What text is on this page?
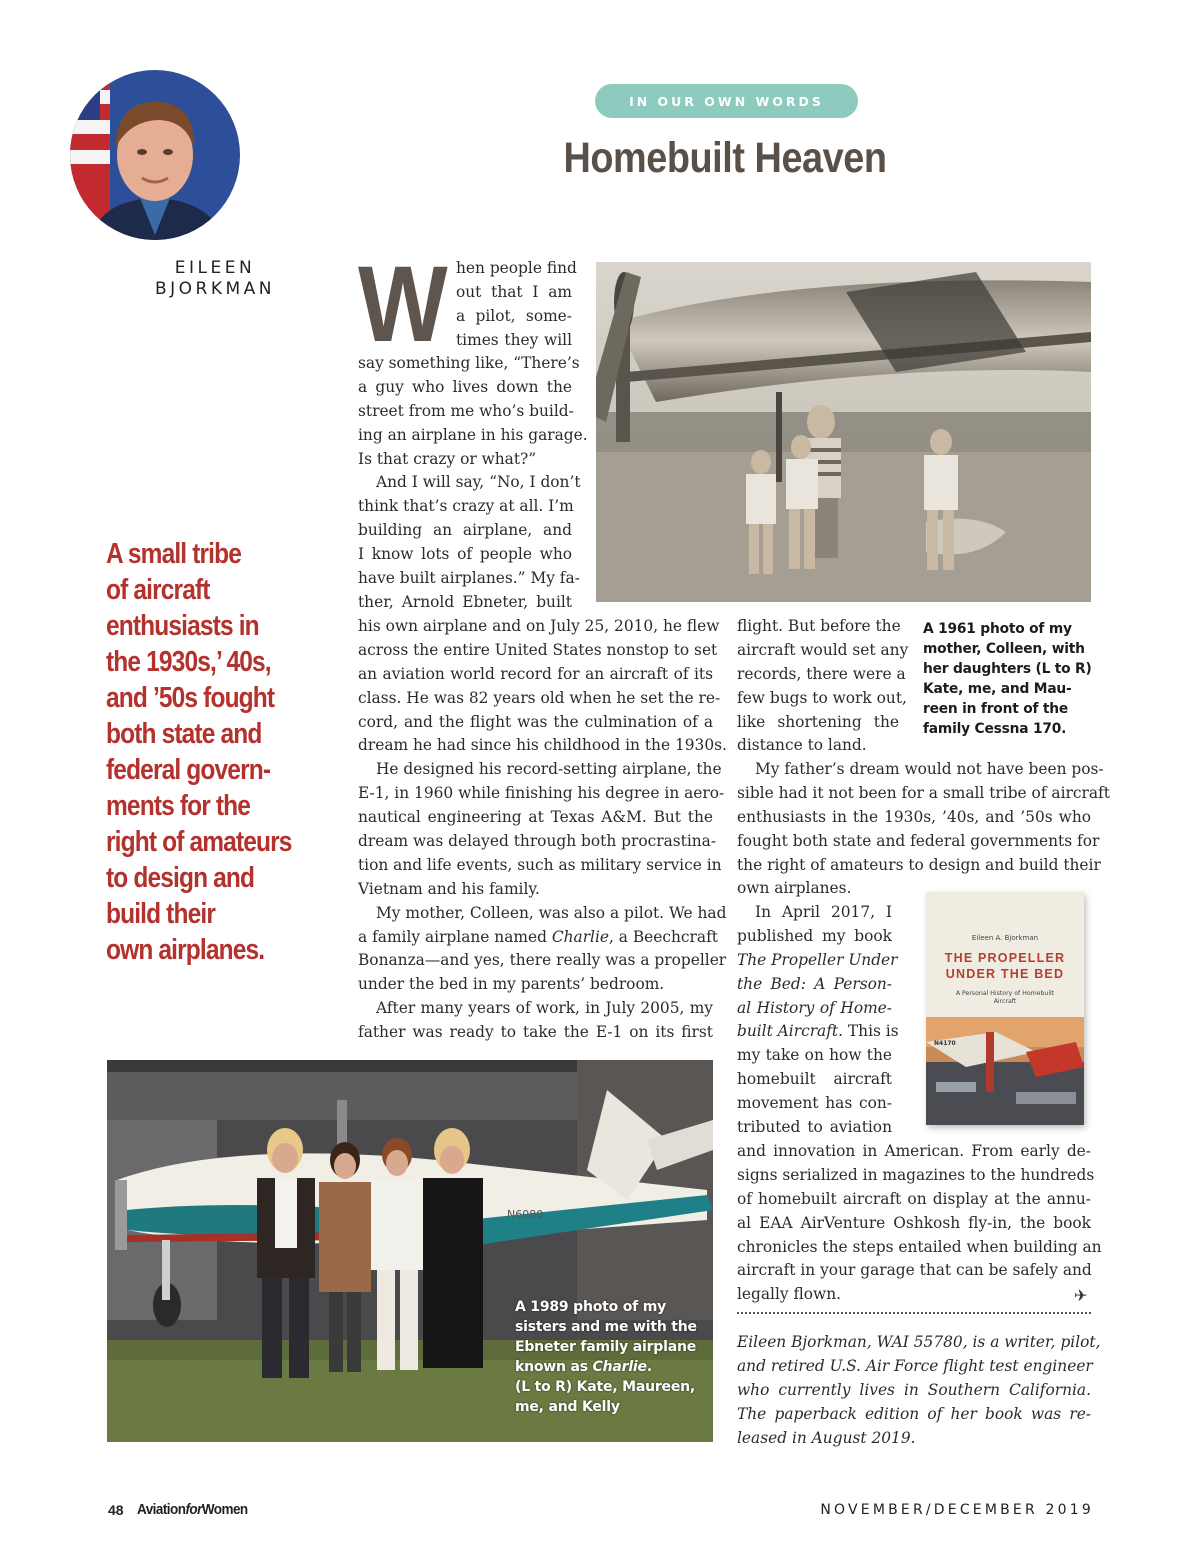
IN OUR OWN WORDS
Homebuilt Heaven
EILEEN
BJORKMAN
A small tribe
of aircraft
enthusiasts in
the 1930s,’ 40s,
and ’50s fought
both state and
federal govern-
ments for the
right of amateurs
to design and
build their
own airplanes.
W hen people find
out that I am
a pilot, some-
times they will
say something like, “There’s
a guy who lives down the
street from me who’s build-
ing an airplane in his garage.
Is that crazy or what?”
And I will say, “No, I don’t
think that’s crazy at all. I’m
building an airplane, and
I know lots of people who
have built airplanes.” My fa-
ther, Arnold Ebneter, built
his own airplane and on July 25, 2010, he flew
across the entire United States nonstop to set
an aviation world record for an aircraft of its
class. He was 82 years old when he set the re-
cord, and the flight was the culmination of a
dream he had since his childhood in the 1930s.
He designed his record-setting airplane, the
E-1, in 1960 while finishing his degree in aero-
nautical engineering at Texas A&M. But the
dream was delayed through both procrastina-
tion and life events, such as military service in
Vietnam and his family.
My mother, Colleen, was also a pilot. We had
a family airplane named Charlie, a Beechcraft
Bonanza—and yes, there really was a propeller
under the bed in my parents’ bedroom.
After many years of work, in July 2005, my
father was ready to take the E-1 on its first
flight. But before the
aircraft would set any
records, there were a
few bugs to work out,
like shortening the
distance to land.
A 1961 photo of my
mother, Colleen, with
her daughters (L to R)
Kate, me, and Mau-
reen in front of the
family Cessna 170.
My father’s dream would not have been pos-
sible had it not been for a small tribe of aircraft
enthusiasts in the 1930s, ’40s, and ’50s who
fought both state and federal governments for
the right of amateurs to design and build their
own airplanes.
In April 2017, I
published my book
The Propeller Under
the Bed: A Person-
al History of Home-
built Aircraft. This is
my take on how the
homebuilt aircraft
movement has con-
tributed to aviation
Eileen A. Bjorkman
THE PROPELLER
UNDER THE BED
A Personal History of Homebuilt Aircraft
N4170
and innovation in American. From early de-
signs serialized in magazines to the hundreds
of homebuilt aircraft on display at the annu-
al EAA AirVenture Oshkosh fly-in, the book
chronicles the steps entailed when building an
aircraft in your garage that can be safely and
legally flown.	✈
Eileen Bjorkman, WAI 55780, is a writer, pilot,
and retired U.S. Air Force flight test engineer
who currently lives in Southern California.
The paperback edition of her book was re-
leased in August 2019.
N6080
A 1989 photo of my
sisters and me with the
Ebneter family airplane
known as Charlie.
(L to R) Kate, Maureen,
me, and Kelly
48 AviationforWomen	NOVEMBER/DECEMBER 2019
